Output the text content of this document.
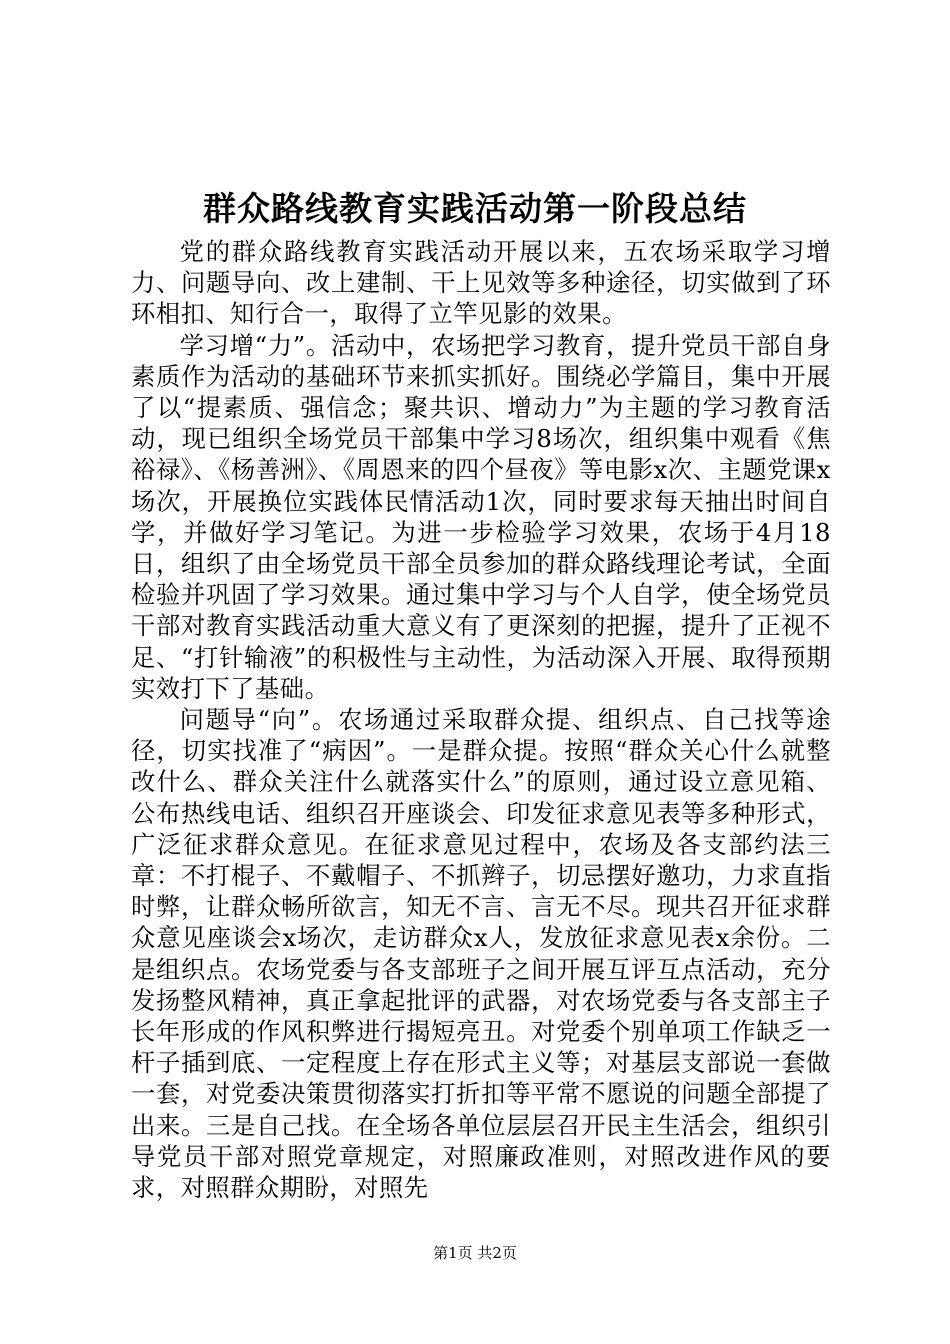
群众路线教育实践活动第一阶段总结

党的群众路线教育实践活动开展以来，五农场采取学习增力、问题导向、改上建制、干上见效等多种途径，切实做到了环环相扣、知行合一，取得了立竿见影的效果。

学习增“力”。活动中，农场把学习教育，提升党员干部自身素质作为活动的基础环节来抓实抓好。围绕必学篇目，集中开展了以“提素质、强信念；聚共识、增动力”为主题的学习教育活动，现已组织全场党员干部集中学习8场次，组织集中观看《焦裕禄》、《杨善洲》、《周恩来的四个昼夜》等电影x次、主题党课x场次，开展换位实践体民情活动1次，同时要求每天抽出时间自学，并做好学习笔记。为进一步检验学习效果，农场于4月18日，组织了由全场党员干部全员参加的群众路线理论考试，全面检验并巩固了学习效果。通过集中学习与个人自学，使全场党员干部对教育实践活动重大意义有了更深刻的把握，提升了正视不足、“打针输液”的积极性与主动性，为活动深入开展、取得预期实效打下了基础。

问题导“向”。农场通过采取群众提、组织点、自己找等途径，切实找准了“病因”。一是群众提。按照“群众关心什么就整改什么、群众关注什么就落实什么”的原则，通过设立意见箱、公布热线电话、组织召开座谈会、印发征求意见表等多种形式，广泛征求群众意见。在征求意见过程中，农场及各支部约法三章：不打棍子、不戴帽子、不抓辫子，切忌摆好邀功，力求直指时弊，让群众畅所欲言，知无不言、言无不尽。现共召开征求群众意见座谈会x场次，走访群众x人，发放征求意见表x余份。二是组织点。农场党委与各支部班子之间开展互评互点活动，充分发扬整风精神，真正拿起批评的武器，对农场党委与各支部主子长年形成的作风积弊进行揭短亮丑。对党委个别单项工作缺乏一杆子插到底、一定程度上存在形式主义等；对基层支部说一套做一套，对党委决策贯彻落实打折扣等平常不愿说的问题全部提了出来。三是自己找。在全场各单位层层召开民主生活会，组织引导党员干部对照党章规定，对照廉政准则，对照改进作风的要求，对照群众期盼，对照先

第1页 共2页
